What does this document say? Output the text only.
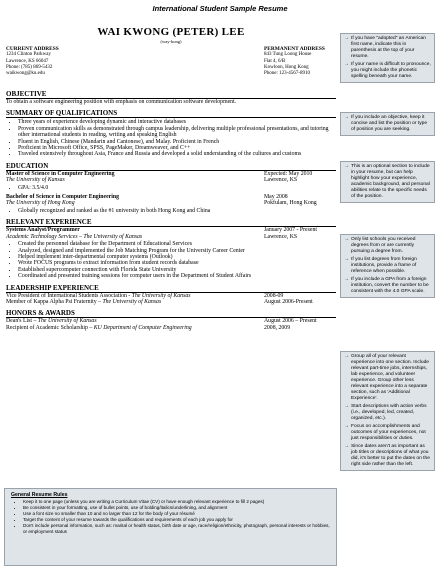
International Student Sample Resume
WAI KWONG (PETER) LEE
(way-kong)
CURRENT ADDRESS
1234 Clinton Parkway
Lawrence, KS 66047
Phone: (785) 869-5432
waikwong@ku.edu
PERMANENT ADDRESS
843 Tung Loong House
Flat 4, 6/B
Kowloon, Hong Kong
Phone: 123-4567-8910
OBJECTIVE
To obtain a software engineering position with emphasis on communication software development.
SUMMARY OF QUALIFICATIONS
• Three years of experience developing dynamic and interactive databases
• Proven communication skills as demonstrated through campus leadership, delivering multiple professional presentations, and tutoring other international students in reading, writing and speaking English
• Fluent in English, Chinese (Mandarin and Cantonese), and Malay. Proficient in French
• Proficient in Microsoft Office, SPSS, PageMaker, Dreamweaver, and C++
• Traveled extensively throughout Asia, France and Russia and developed a solid understanding of the cultures and customs
EDUCATION
Master of Science in Computer Engineering	Expected: May 2010
The University of Kansas	Lawrence, KS
• GPA: 3.5/4.0
Bachelor of Science in Computer Engineering	May 2008
The University of Hong Kong	Pokfulam, Hong Kong
• Globally recognized and ranked as the #1 university in both Hong Kong and China
RELEVANT EXPERIENCE
Systems Analyst/Programmer	January 2007 - Present
Academic Technology Services – The University of Kansas	Lawrence, KS
• Created the personnel database for the Department of Educational Services
• Analyzed, designed and implemented the Job Matching Program for the University Career Center
• Helped implement inter-departmental computer systems (Outlook)
• Wrote FOCUS programs to extract information from student records database
• Established supercomputer connection with Florida State University
• Coordinated and presented training sessions for computer users in the Department of Student Affairs
LEADERSHIP EXPERIENCE
Vice President of International Students Association - The University of Kansas	2008-09
Member of Kappa Alpha Psi Fraternity – The University of Kansas	August 2006-Present
HONORS & AWARDS
Dean's List – The University of Kansas	August 2006 – Present
Recipient of Academic Scholarship – KU Department of Computer Engineering	2008, 2009
→ If you have "adopted" an American first name, indicate this in parenthesis at the top of your resume.
→ If your name is difficult to pronounce, you might include the phonetic spelling beneath your name.
→ If you include an objective, keep it concise and list the position or type of position you are seeking.
→ This is an optional section to include in your resume, but can help highlight how your experience, academic background, and personal abilities relate to the specific needs of the position.
→ Only list schools you received degrees from or are currently pursuing a degree from.
→ If you list degrees from foreign institutions, provide a frame of reference when possible.
→ If you include a GPA from a foreign institution, convert the number to be consistent with the 4.0 GPA scale.
→ Group all of your relevant experience into one section. Include relevant part-time jobs, internships, lab experience, and volunteer experience. Group other less relevant experience into a separate section, such as 'Additional Experience'.
→ Start descriptions with action verbs (i.e., developed, led, created, organized, etc.).
→ Focus on accomplishments and outcomes of your experiences, not just responsibilities or duties.
→ Since dates aren't as important as job titles or descriptions of what you did, it's better to put the dates on the right side rather than the left.
General Resume Rules
• Keep it to one page (unless you are writing a Curriculum Vitae (CV) or have enough relevant experience to fill 2 pages)
• Be consistent in your formatting, use of bullet points, use of bolding/italics/underlining, and alignment
• Use a font size no smaller than 10 and no larger than 12 for the body of your résumé
• Target the content of your resume towards the qualifications and requirements of each job you apply for
• Don't include personal information, such as: marital or health status, birth date or age, race/religion/ethnicity, photograph, personal interests or hobbies, or employment status
